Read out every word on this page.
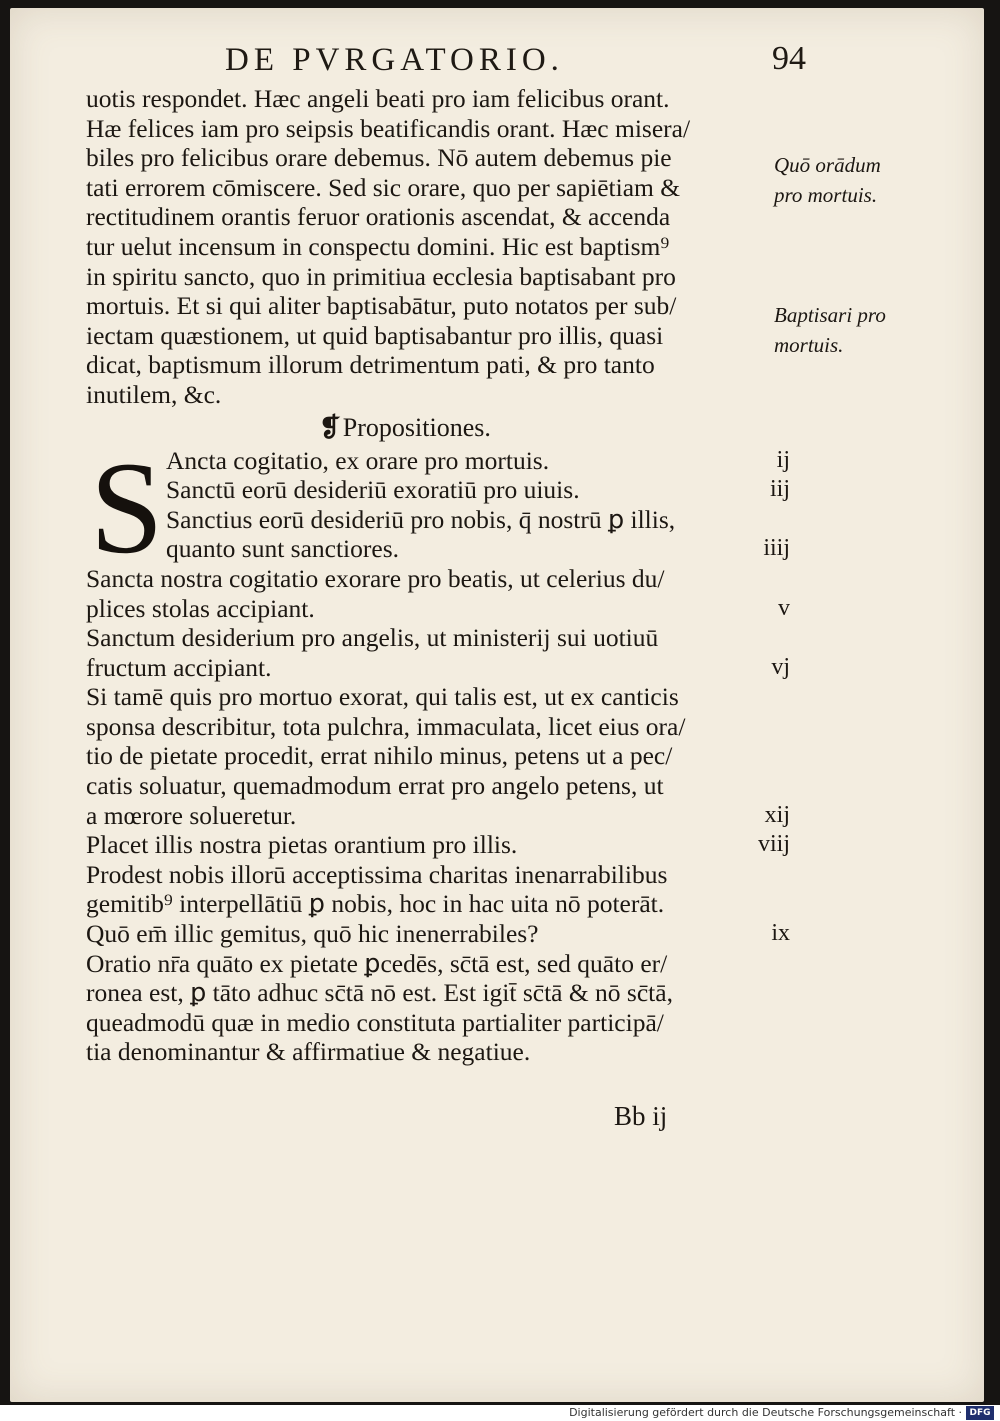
DE PVRGATORIO.	94
uotis respondet. Hæc angeli beati pro iam felicibus orant.
Hæ felices iam pro seipsis beatificandis orant. Hæc misera/
biles pro felicibus orare debemus. Nō autem debemus pie
tati errorem cōmiscere. Sed sic orare, quo per sapiētiam &
rectitudinem orantis feruor orationis ascendat, & accenda
tur uelut incensum in conspectu domini. Hic est baptism⁹
in spiritu sancto, quo in primitiua ecclesia baptisabant pro
mortuis. Et si qui aliter baptisabātur, puto notatos per sub/
iectam quæstionem, ut quid baptisabantur pro illis, quasi
dicat, baptismum illorum detrimentum pati, & pro tanto
inutilem, &c.
❡Propositiones.
S Ancta cogitatio, ex orare pro mortuis.	ij
Sanctū eorū desideriū exoratiū pro uiuis.	iij
Sanctius eorū desideriū pro nobis, q̄ nostrū ꝑ illis,
quanto sunt sanctiores.	iiij
Sancta nostra cogitatio exorare pro beatis, ut celerius du/
plices stolas accipiant.	v
Sanctum desiderium pro angelis, ut ministerij sui uotiuū
fructum accipiant.	vj
Si tamē quis pro mortuo exorat, qui talis est, ut ex canticis
sponsa describitur, tota pulchra, immaculata, licet eius ora/
tio de pietate procedit, errat nihilo minus, petens ut a pec/
catis soluatur, quemadmodum errat pro angelo petens, ut
a mœrore solueretur.	xij
Placet illis nostra pietas orantium pro illis.	viij
Prodest nobis illorū acceptissima charitas inenarrabilibus
gemitib⁹ interpellātiū ꝑ nobis, hoc in hac uita nō poterāt.
Quō em̄ illic gemitus, quō hic inenerrabiles?	ix
Oratio nr̄a quāto ex pietate ꝑcedēs, sc̄tā est, sed quāto er/
ronea est, ꝑ tāto adhuc sc̄tā nō est. Est igit̄ sc̄tā & nō sc̄tā,
queadmodū quæ in medio constituta partialiter participā/
tia denominantur & affirmatiue & negatiue.
Quō orādum
pro mortuis.
Baptisari pro
mortuis.
Bb ij
Digitalisierung gefördert durch die Deutsche Forschungsgemeinschaft · DFG
